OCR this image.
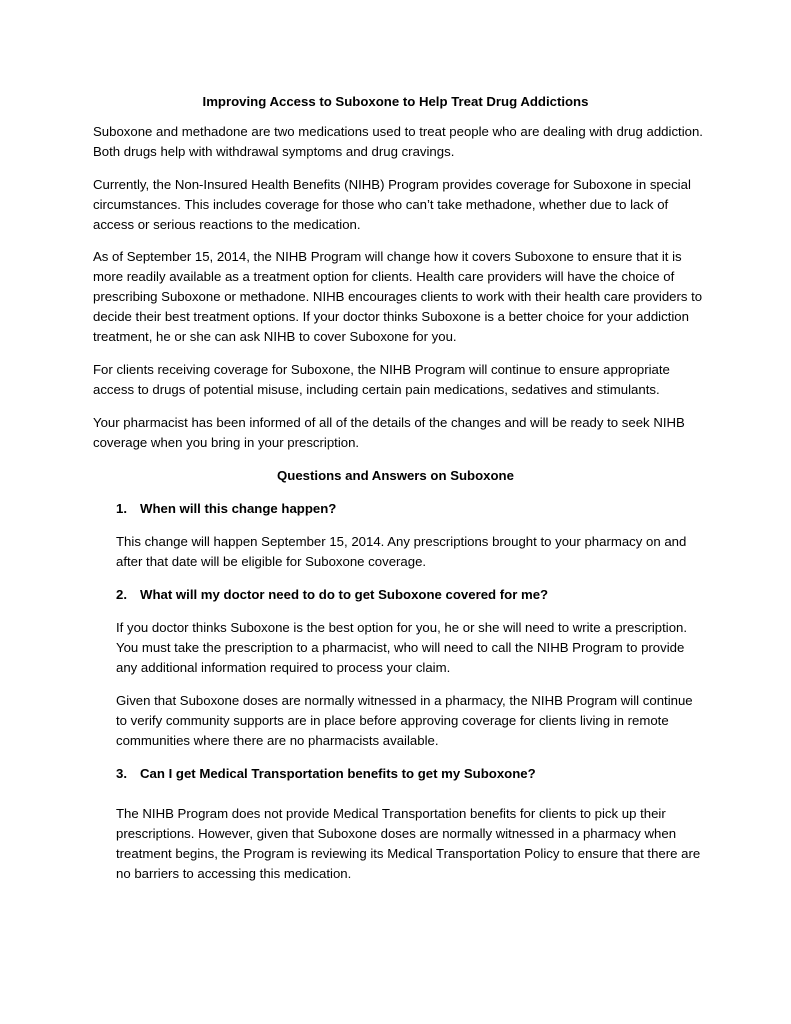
Improving Access to Suboxone to Help Treat Drug Addictions

Suboxone and methadone are two medications used to treat people who are dealing with drug addiction. Both drugs help with withdrawal symptoms and drug cravings.

Currently, the Non-Insured Health Benefits (NIHB) Program provides coverage for Suboxone in special circumstances. This includes coverage for those who can’t take methadone, whether due to lack of access or serious reactions to the medication.

As of September 15, 2014, the NIHB Program will change how it covers Suboxone to ensure that it is more readily available as a treatment option for clients. Health care providers will have the choice of prescribing Suboxone or methadone. NIHB encourages clients to work with their health care providers to decide their best treatment options. If your doctor thinks Suboxone is a better choice for your addiction treatment, he or she can ask NIHB to cover Suboxone for you.

For clients receiving coverage for Suboxone, the NIHB Program will continue to ensure appropriate access to drugs of potential misuse, including certain pain medications, sedatives and stimulants.

Your pharmacist has been informed of all of the details of the changes and will be ready to seek NIHB coverage when you bring in your prescription.

Questions and Answers on Suboxone

1. When will this change happen?

This change will happen September 15, 2014. Any prescriptions brought to your pharmacy on and after that date will be eligible for Suboxone coverage.

2. What will my doctor need to do to get Suboxone covered for me?

If you doctor thinks Suboxone is the best option for you, he or she will need to write a prescription. You must take the prescription to a pharmacist, who will need to call the NIHB Program to provide any additional information required to process your claim.

Given that Suboxone doses are normally witnessed in a pharmacy, the NIHB Program will continue to verify community supports are in place before approving coverage for clients living in remote communities where there are no pharmacists available.

3. Can I get Medical Transportation benefits to get my Suboxone?

The NIHB Program does not provide Medical Transportation benefits for clients to pick up their prescriptions. However, given that Suboxone doses are normally witnessed in a pharmacy when treatment begins, the Program is reviewing its Medical Transportation Policy to ensure that there are no barriers to accessing this medication.
